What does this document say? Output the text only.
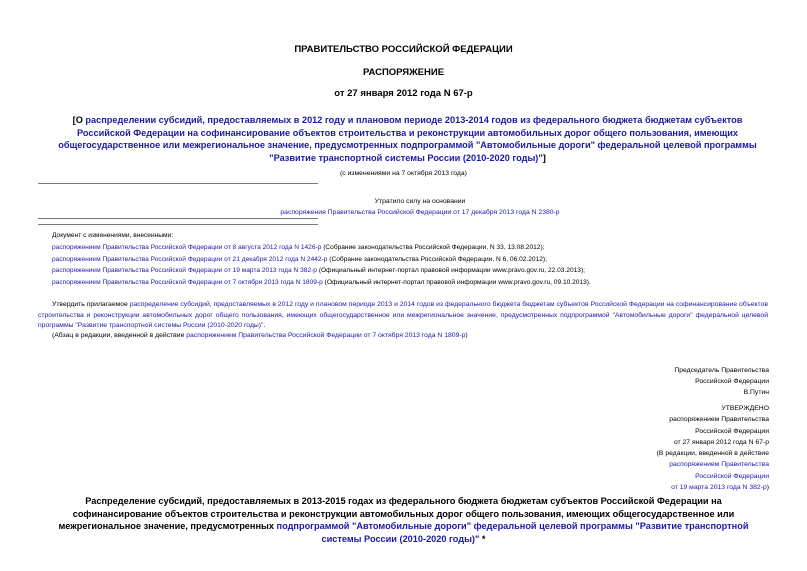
ПРАВИТЕЛЬСТВО РОССИЙСКОЙ ФЕДЕРАЦИИ
РАСПОРЯЖЕНИЕ
от 27 января 2012 года N 67-р
[О распределении субсидий, предоставляемых в 2012 году и плановом периоде 2013-2014 годов из федерального бюджета бюджетам субъектов Российской Федерации на софинансирование объектов строительства и реконструкции автомобильных дорог общего пользования, имеющих общегосударственное или межрегиональное значение, предусмотренных подпрограммой "Автомобильные дороги" федеральной целевой программы "Развитие транспортной системы России (2010-2020 годы)"]
(с изменениями на 7 октября 2013 года)
Утратило силу на основании
распоряжения Правительства Российской Федерации от 17 декабря 2013 года N 2380-р
Документ с изменениями, внесенными:
распоряжением Правительства Российской Федерации от 8 августа 2012 года N 1426-р (Собрание законодательства Российской Федерации, N 33, 13.08.2012);
распоряжением Правительства Российской Федерации от 21 декабря 2012 года N 2442-р (Собрание законодательства Российской Федерации, N 6, 06.02.2012);
распоряжением Правительства Российской Федерации от 19 марта 2013 года N 382-р (Официальный интернет-портал правовой информации www.pravo.gov.ru, 22.03.2013);
распоряжением Правительства Российской Федерации от 7 октября 2013 года N 1809-р (Официальный интернет-портал правовой информации www.pravo.gov.ru, 09.10.2013).
Утвердить прилагаемое распределение субсидий, предоставляемых в 2012 году и плановом периоде 2013 и 2014 годов из федерального бюджета бюджетам субъектов Российской Федерации на софинансирование объектов строительства и реконструкции автомобильных дорог общего пользования, имеющих общегосударственное или межрегиональное значение, предусмотренных подпрограммой "Автомобильные дороги" федеральной целевой программы "Развитие транспортной системы России (2010-2020 годы)".
(Абзац в редакции, введенной в действие распоряжением Правительства Российской Федерации от 7 октября 2013 года N 1809-р)
Председатель Правительства
Российской Федерации
В.Путин
УТВЕРЖДЕНО
распоряжением Правительства
Российской Федерации
от 27 января 2012 года N 67-р
(В редакции, введенной в действие
распоряжением Правительства
Российской Федерации
от 19 марта 2013 года N 382-р)
Распределение субсидий, предоставляемых в 2013-2015 годах из федерального бюджета бюджетам субъектов Российской Федерации на софинансирование объектов строительства и реконструкции автомобильных дорог общего пользования, имеющих общегосударственное или межрегиональное значение, предусмотренных подпрограммой "Автомобильные дороги" федеральной целевой программы "Развитие транспортной системы России (2010-2020 годы)" *
